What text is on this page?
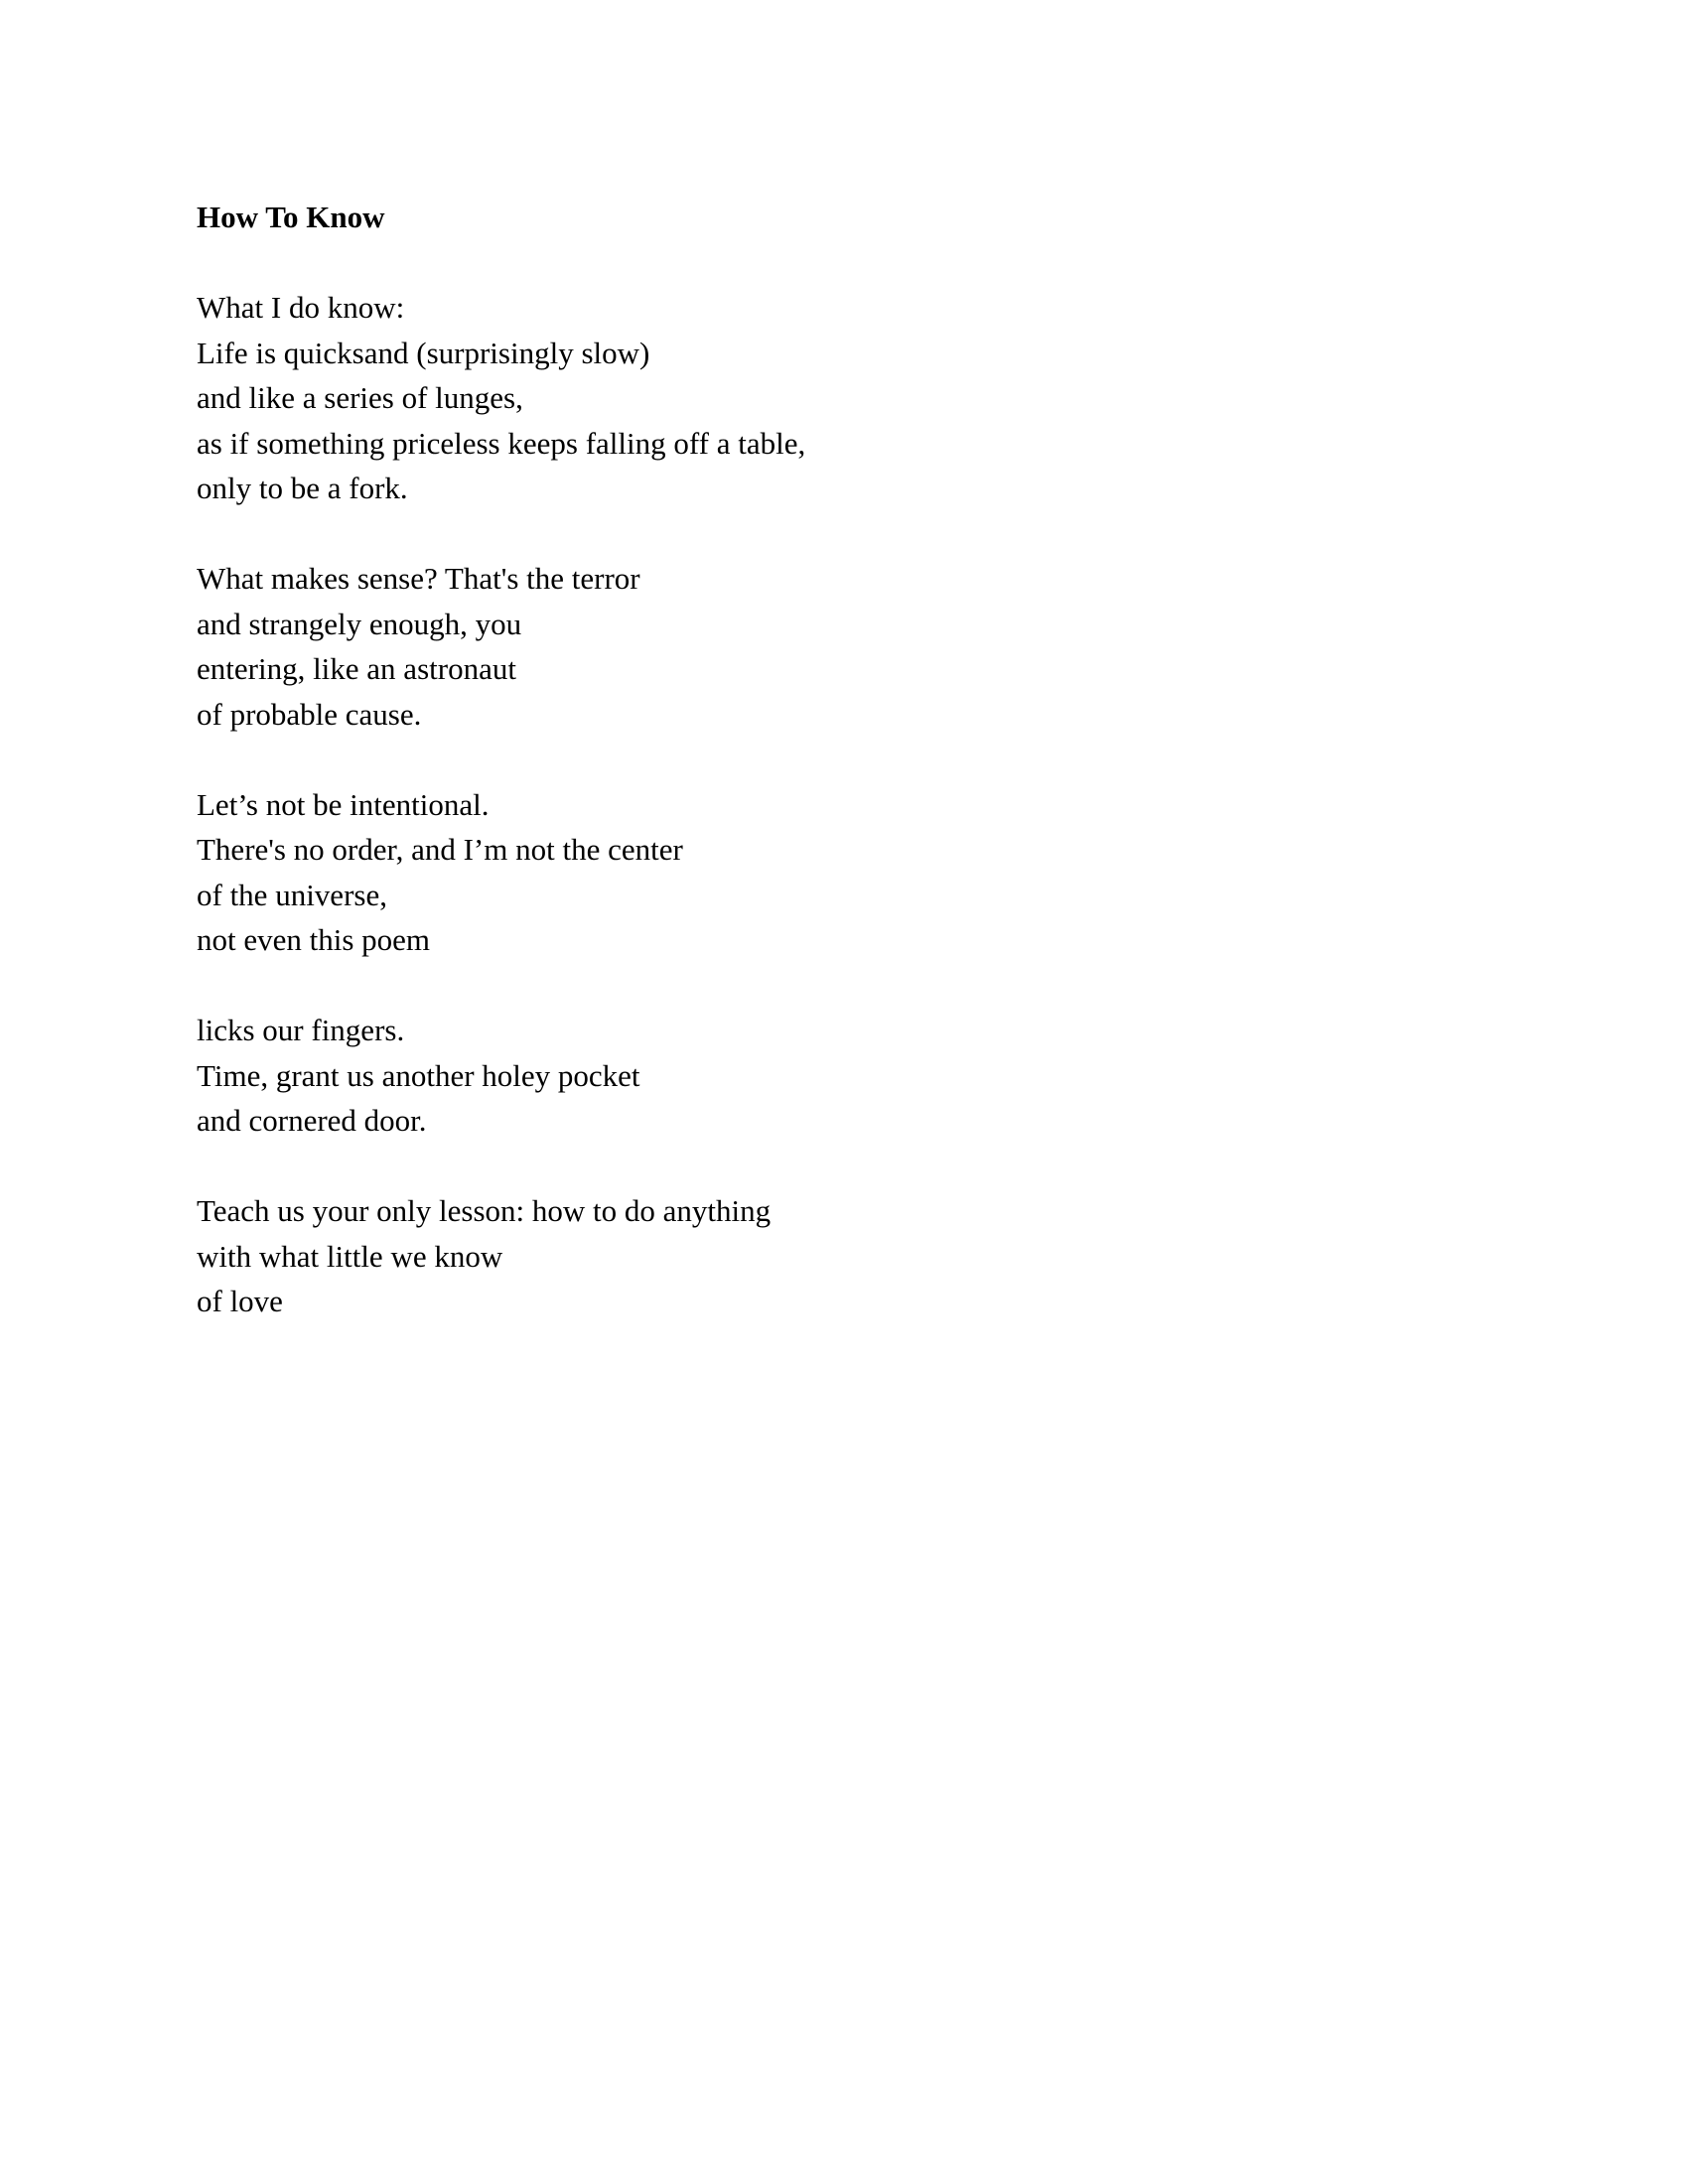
How To Know
What I do know:
Life is quicksand (surprisingly slow)
and like a series of lunges,
as if something priceless keeps falling off a table,
only to be a fork.
What makes sense? That's the terror
and strangely enough, you
entering, like an astronaut
of probable cause.
Let’s not be intentional.
There's no order, and I’m not the center
of the universe,
not even this poem
licks our fingers.
Time, grant us another holey pocket
and cornered door.
Teach us your only lesson: how to do anything
with what little we know
of love
